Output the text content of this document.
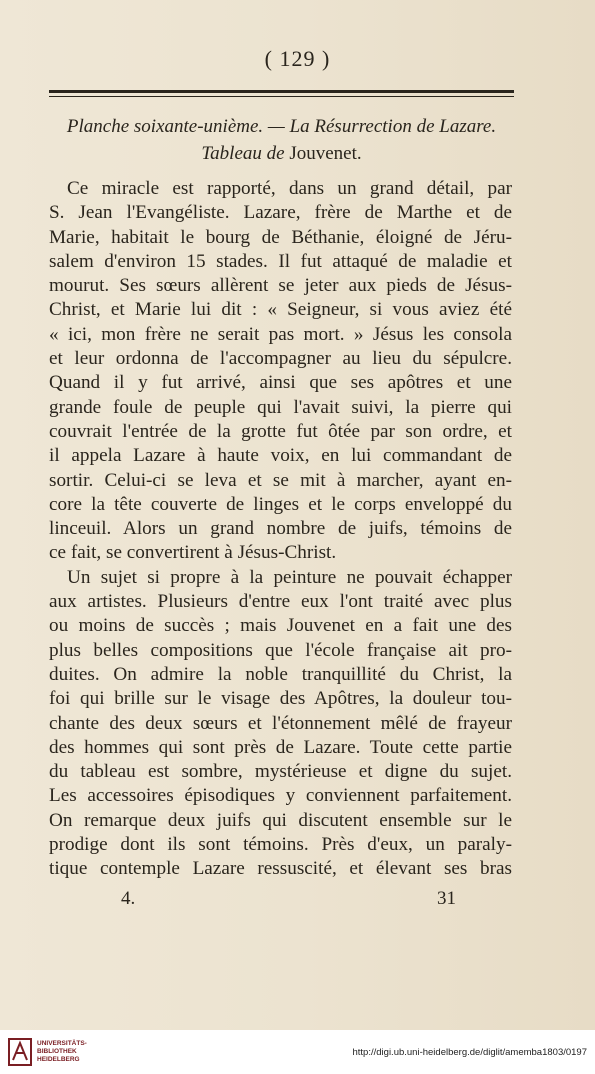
( 129 )
Planche soixante-unième. — La Résurrection de Lazare.
Tableau de Jouvenet.
Ce miracle est rapporté, dans un grand détail, par
S. Jean l'Evangéliste. Lazare, frère de Marthe et de
Marie, habitait le bourg de Béthanie, éloigné de Jéru-
salem d'environ 15 stades. Il fut attaqué de maladie et
mourut. Ses sœurs allèrent se jeter aux pieds de Jésus-
Christ, et Marie lui dit : « Seigneur, si vous aviez été
« ici, mon frère ne serait pas mort. » Jésus les consola
et leur ordonna de l'accompagner au lieu du sépulcre.
Quand il y fut arrivé, ainsi que ses apôtres et une
grande foule de peuple qui l'avait suivi, la pierre qui
couvrait l'entrée de la grotte fut ôtée par son ordre, et
il appela Lazare à haute voix, en lui commandant de
sortir. Celui-ci se leva et se mit à marcher, ayant en-
core la tête couverte de linges et le corps enveloppé du
linceuil. Alors un grand nombre de juifs, témoins de
ce fait, se convertirent à Jésus-Christ.
Un sujet si propre à la peinture ne pouvait échapper
aux artistes. Plusieurs d'entre eux l'ont traité avec plus
ou moins de succès ; mais Jouvenet en a fait une des
plus belles compositions que l'école française ait pro-
duites. On admire la noble tranquillité du Christ, la
foi qui brille sur le visage des Apôtres, la douleur tou-
chante des deux sœurs et l'étonnement mêlé de frayeur
des hommes qui sont près de Lazare. Toute cette partie
du tableau est sombre, mystérieuse et digne du sujet.
Les accessoires épisodiques y conviennent parfaitement.
On remarque deux juifs qui discutent ensemble sur le
prodige dont ils sont témoins. Près d'eux, un paraly-
tique contemple Lazare ressuscité, et élevant ses bras
4.	31
UNIVERSITÄTS-
BIBLIOTHEK
HEIDELBERG
http://digi.ub.uni-heidelberg.de/diglit/amemba1803/0197
